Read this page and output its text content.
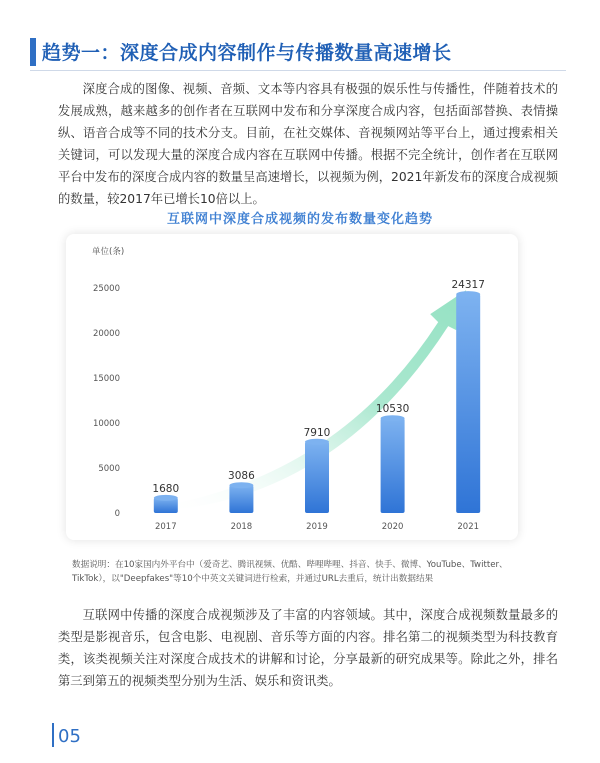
趋势一：深度合成内容制作与传播数量高速增长
深度合成的图像、视频、音频、文本等内容具有极强的娱乐性与传播性，伴随着技术的发展成熟，越来越多的创作者在互联网中发布和分享深度合成内容，包括面部替换、表情操纵、语音合成等不同的技术分支。目前，在社交媒体、音视频网站等平台上，通过搜索相关关键词，可以发现大量的深度合成内容在互联网中传播。根据不完全统计，创作者在互联网平台中发布的深度合成内容的数量呈高速增长，以视频为例，2021年新发布的深度合成视频的数量，较2017年已增长10倍以上。
互联网中深度合成视频的发布数量变化趋势
0
5000
10000
15000
20000
25000
1680
2017
3086
2018
7910
2019
10530
2020
24317
2021
单位(条)
数据说明：在10家国内外平台中（爱奇艺、腾讯视频、优酷、哔哩哔哩、抖音、快手、微博、YouTube、Twitter、TikTok），以"Deepfakes"等10个中英文关键词进行检索，并通过URL去重后，统计出数据结果
互联网中传播的深度合成视频涉及了丰富的内容领域。其中，深度合成视频数量最多的类型是影视音乐，包含电影、电视剧、音乐等方面的内容。排名第二的视频类型为科技教育类，该类视频关注对深度合成技术的讲解和讨论，分享最新的研究成果等。除此之外，排名第三到第五的视频类型分别为生活、娱乐和资讯类。
05
